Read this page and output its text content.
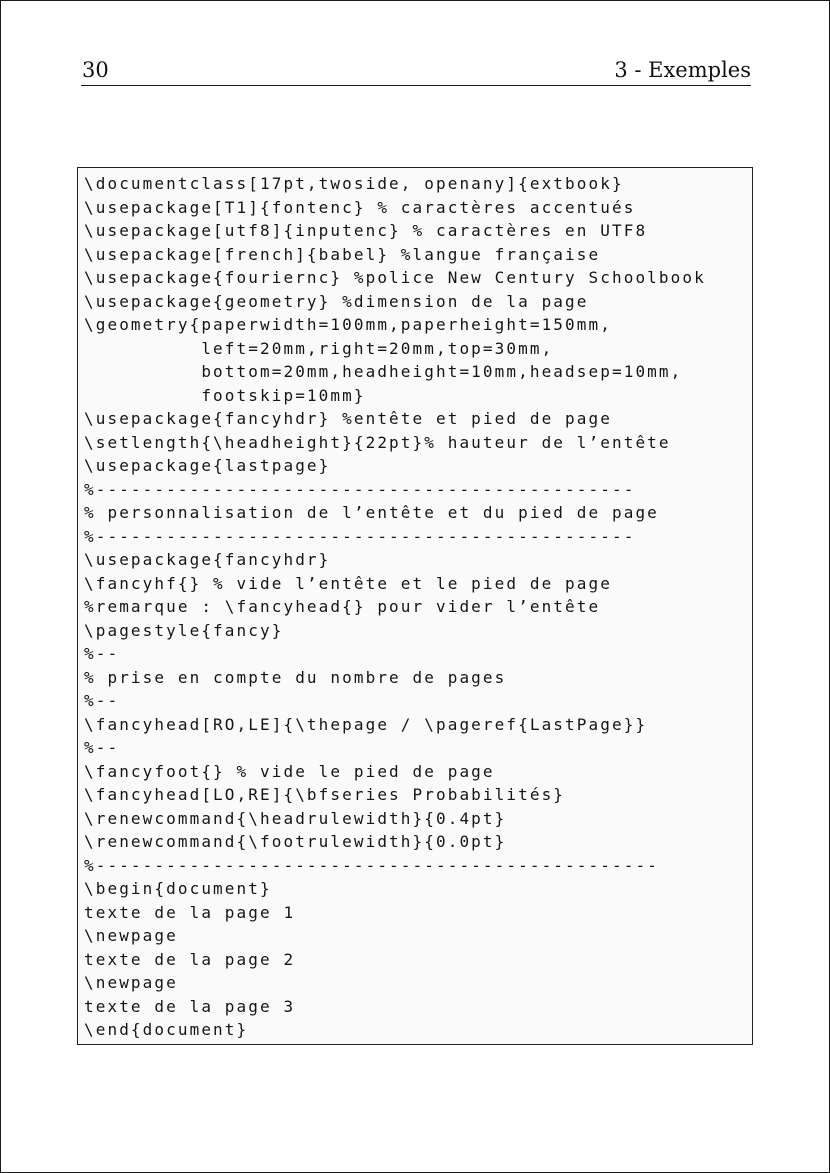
30	3 - Exemples
\documentclass[17pt,twoside, openany]{extbook}
\usepackage[T1]{fontenc} % caractères accentués
\usepackage[utf8]{inputenc} % caractères en UTF8
\usepackage[french]{babel} %langue française
\usepackage{fouriernc} %police New Century Schoolbook
\usepackage{geometry} %dimension de la page
\geometry{paperwidth=100mm,paperheight=150mm,
left=20mm,right=20mm,top=30mm,
bottom=20mm,headheight=10mm,headsep=10mm,
footskip=10mm}
\usepackage{fancyhdr} %entête et pied de page
\setlength{\headheight}{22pt}% hauteur de l’entête
\usepackage{lastpage}
%----------------------------------------------
% personnalisation de l’entête et du pied de page
%----------------------------------------------
\usepackage{fancyhdr}
\fancyhf{} % vide l’entête et le pied de page
%remarque : \fancyhead{} pour vider l’entête
\pagestyle{fancy}
%--
% prise en compte du nombre de pages
%--
\fancyhead[RO,LE]{\thepage / \pageref{LastPage}}
%--
\fancyfoot{} % vide le pied de page
\fancyhead[LO,RE]{\bfseries Probabilités}
\renewcommand{\headrulewidth}{0.4pt}
\renewcommand{\footrulewidth}{0.0pt}
%------------------------------------------------
\begin{document}
texte de la page 1
\newpage
texte de la page 2
\newpage
texte de la page 3
\end{document}
